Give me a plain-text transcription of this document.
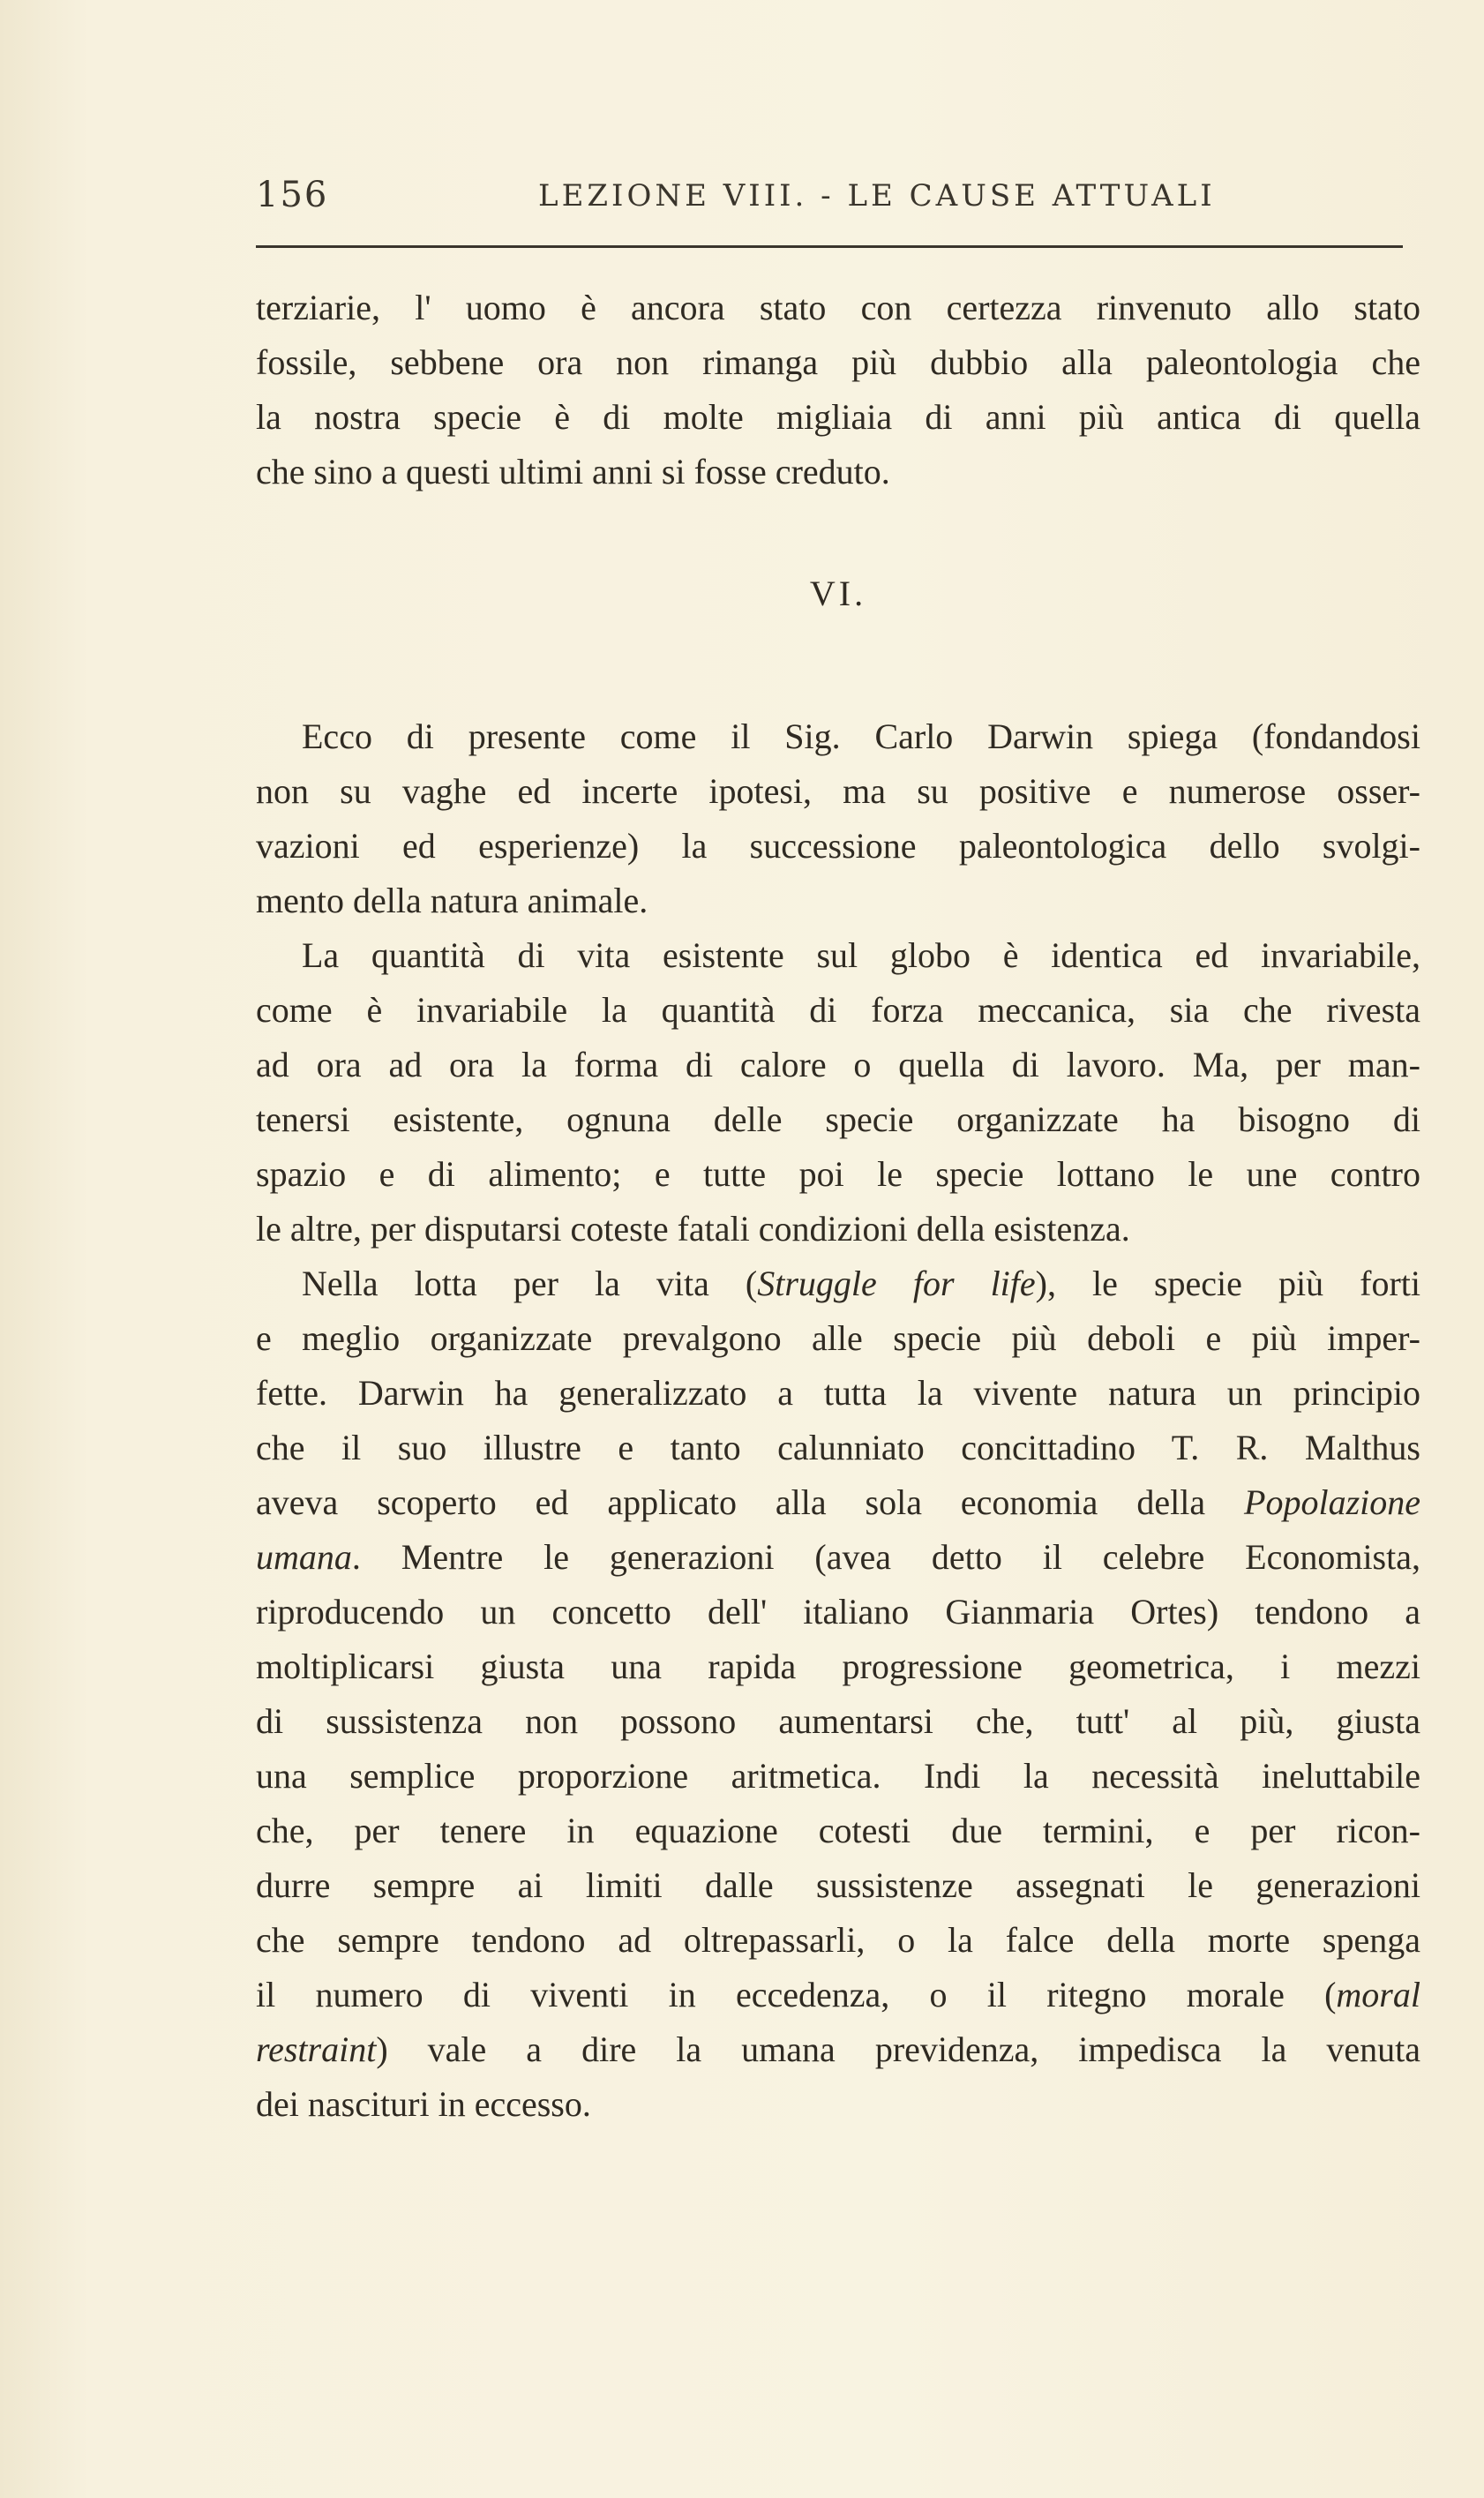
156	LEZIONE VIII. - LE CAUSE ATTUALI

terziarie, l' uomo è ancora stato con certezza rinvenuto allo stato
fossile, sebbene ora non rimanga più dubbio alla paleontologia che
la nostra specie è di molte migliaia di anni più antica di quella
che sino a questi ultimi anni si fosse creduto.

VI.

Ecco di presente come il Sig. Carlo Darwin spiega (fondandosi
non su vaghe ed incerte ipotesi, ma su positive e numerose osser-
vazioni ed esperienze) la successione paleontologica dello svolgi-
mento della natura animale.

La quantità di vita esistente sul globo è identica ed invariabile,
come è invariabile la quantità di forza meccanica, sia che rivesta
ad ora ad ora la forma di calore o quella di lavoro. Ma, per man-
tenersi esistente, ognuna delle specie organizzate ha bisogno di
spazio e di alimento; e tutte poi le specie lottano le une contro
le altre, per disputarsi coteste fatali condizioni della esistenza.

Nella lotta per la vita (Struggle for life), le specie più forti
e meglio organizzate prevalgono alle specie più deboli e più imper-
fette. Darwin ha generalizzato a tutta la vivente natura un principio
che il suo illustre e tanto calunniato concittadino T. R. Malthus
aveva scoperto ed applicato alla sola economia della Popolazione
umana. Mentre le generazioni (avea detto il celebre Economista,
riproducendo un concetto dell' italiano Gianmaria Ortes) tendono a
moltiplicarsi giusta una rapida progressione geometrica, i mezzi
di sussistenza non possono aumentarsi che, tutt' al più, giusta
una semplice proporzione aritmetica. Indi la necessità ineluttabile
che, per tenere in equazione cotesti due termini, e per ricon-
durre sempre ai limiti dalle sussistenze assegnati le generazioni
che sempre tendono ad oltrepassarli, o la falce della morte spenga
il numero di viventi in eccedenza, o il ritegno morale (moral
restraint) vale a dire la umana previdenza, impedisca la venuta
dei nascituri in eccesso.
